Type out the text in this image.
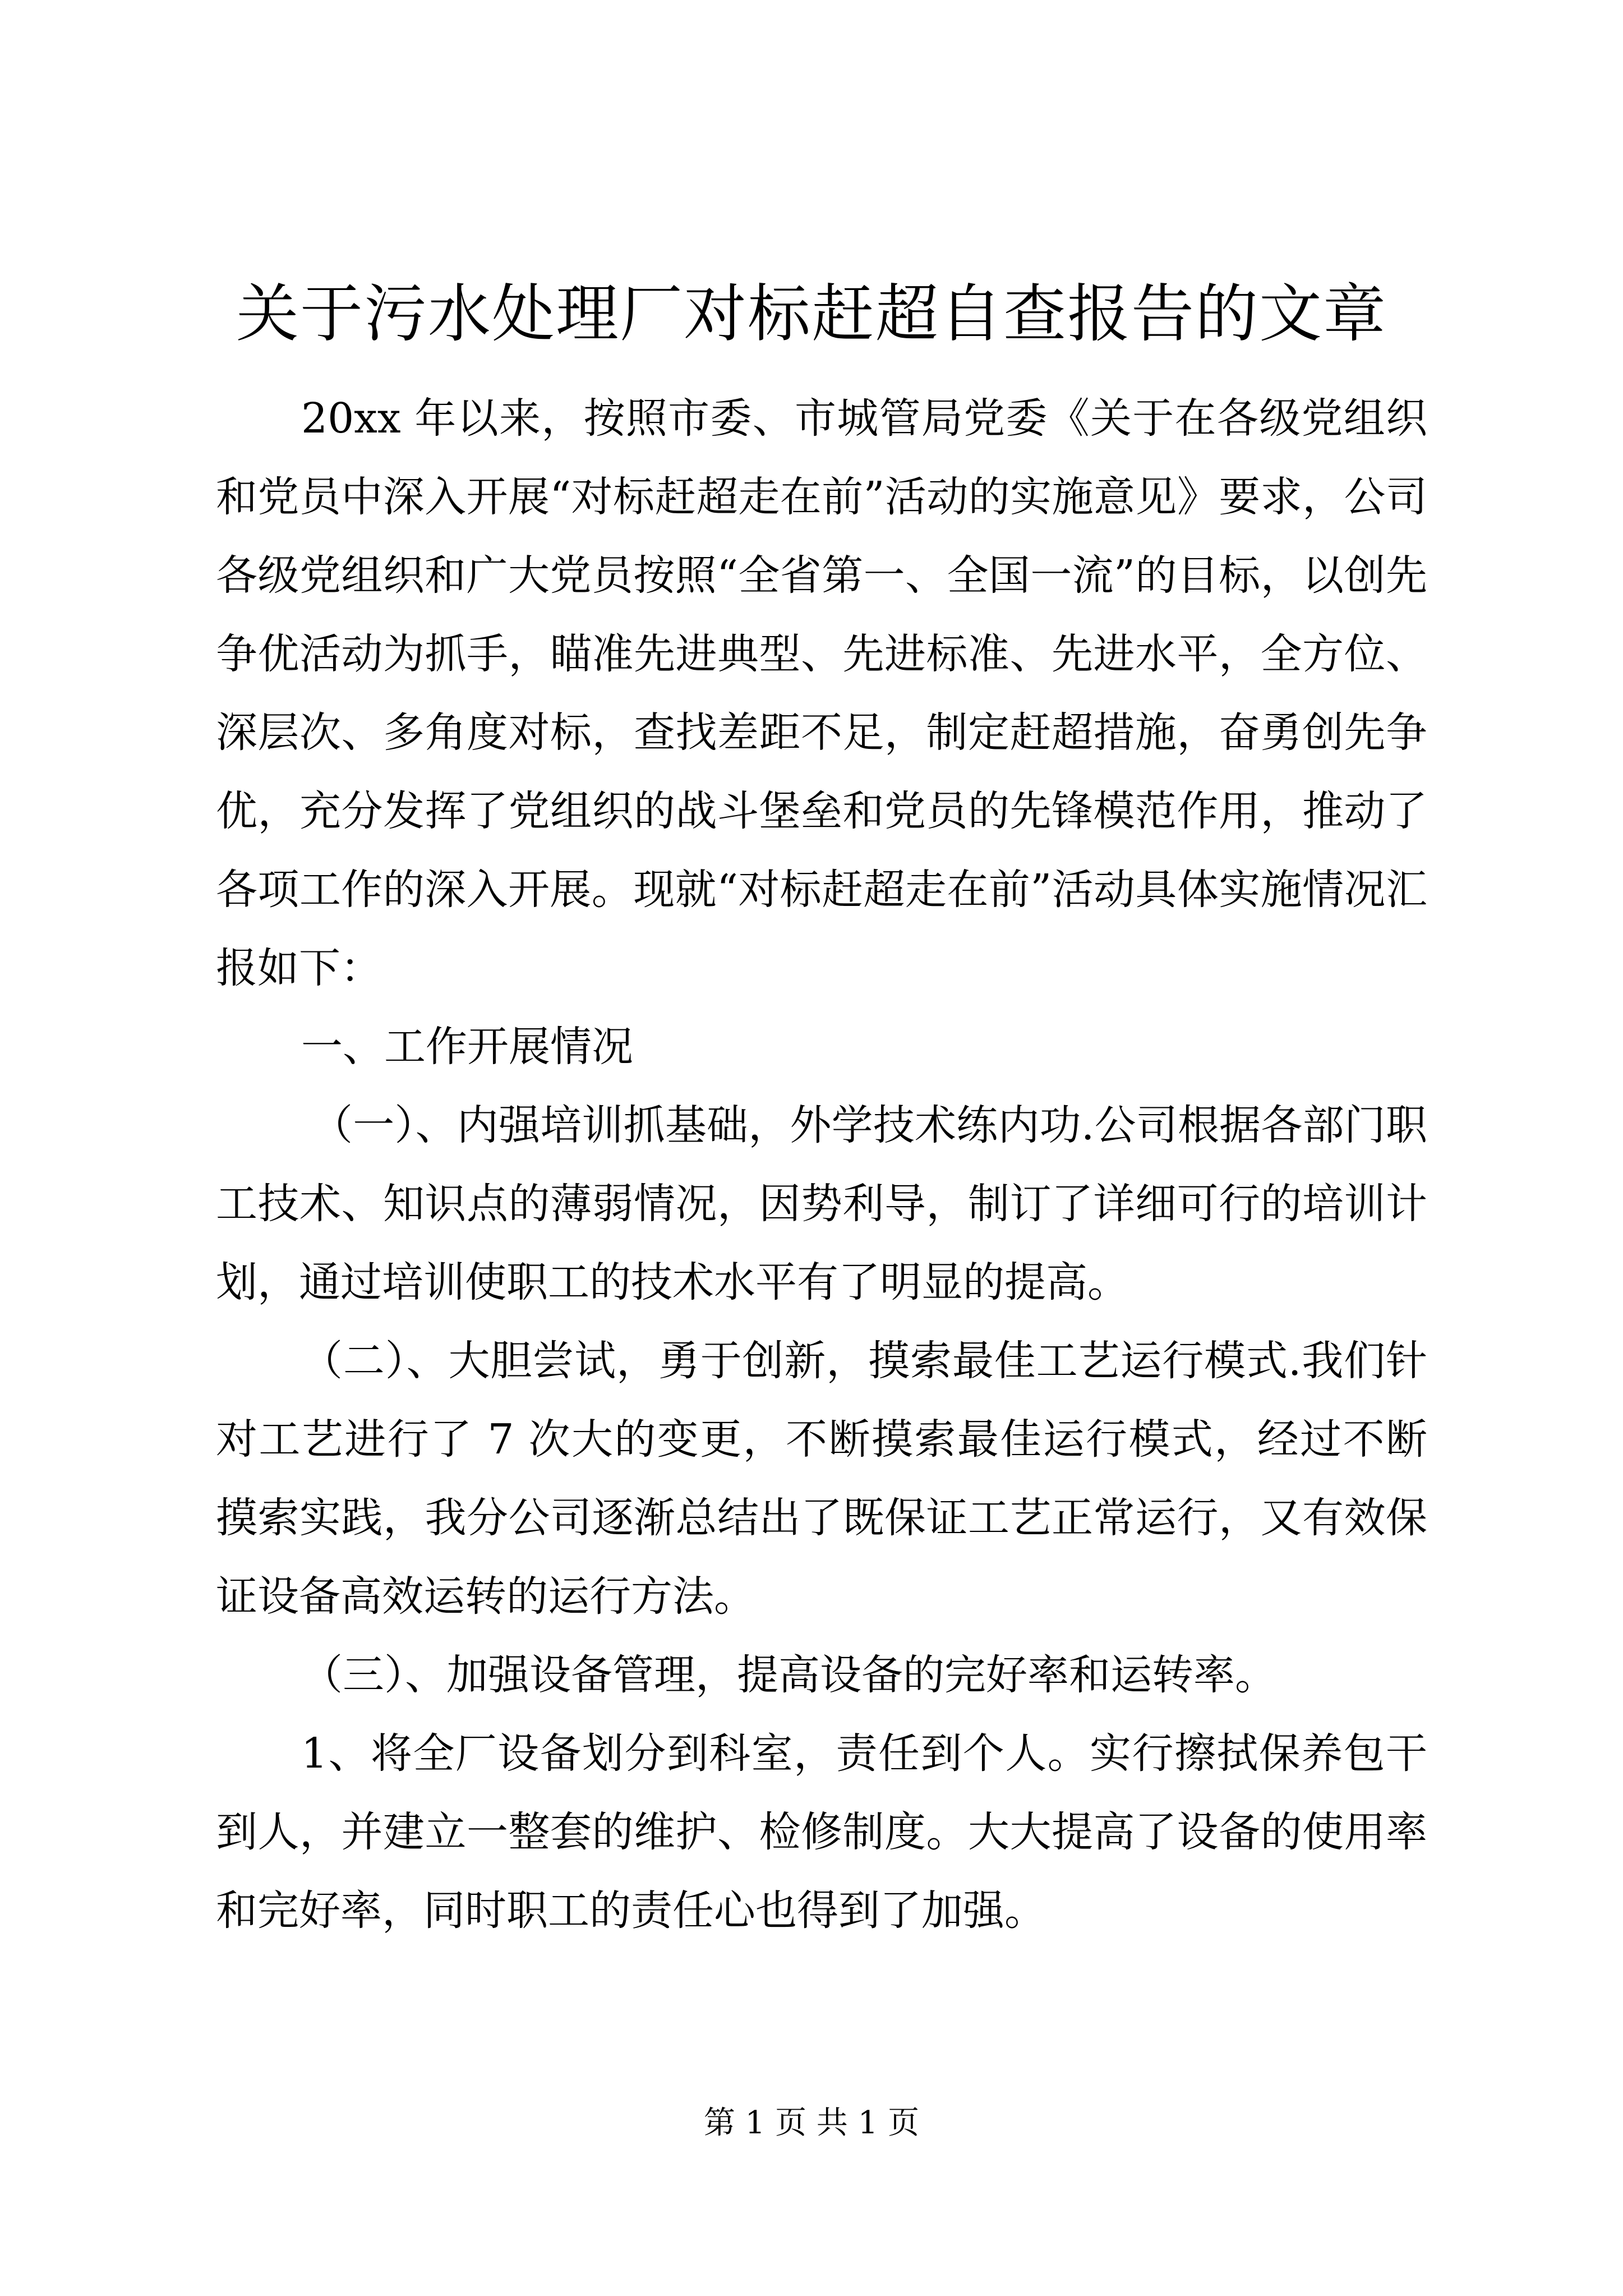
关于污水处理厂对标赶超自查报告的文章

20xx 年以来，按照市委、市城管局党委《关于在各级党组织和党员中深入开展“对标赶超走在前”活动的实施意见》要求，公司各级党组织和广大党员按照“全省第一、全国一流”的目标，以创先争优活动为抓手，瞄准先进典型、先进标准、先进水平，全方位、深层次、多角度对标，查找差距不足，制定赶超措施，奋勇创先争优，充分发挥了党组织的战斗堡垒和党员的先锋模范作用，推动了各项工作的深入开展。现就“对标赶超走在前”活动具体实施情况汇报如下：

一、工作开展情况

（一）、内强培训抓基础，外学技术练内功.公司根据各部门职工技术、知识点的薄弱情况，因势利导，制订了详细可行的培训计划，通过培训使职工的技术水平有了明显的提高。

（二）、大胆尝试，勇于创新，摸索最佳工艺运行模式.我们针对工艺进行了 7 次大的变更，不断摸索最佳运行模式，经过不断摸索实践，我分公司逐渐总结出了既保证工艺正常运行，又有效保证设备高效运转的运行方法。

（三）、加强设备管理，提高设备的完好率和运转率。

1、将全厂设备划分到科室，责任到个人。实行擦拭保养包干到人，并建立一整套的维护、检修制度。大大提高了设备的使用率和完好率，同时职工的责任心也得到了加强。

第 1 页 共 1 页
